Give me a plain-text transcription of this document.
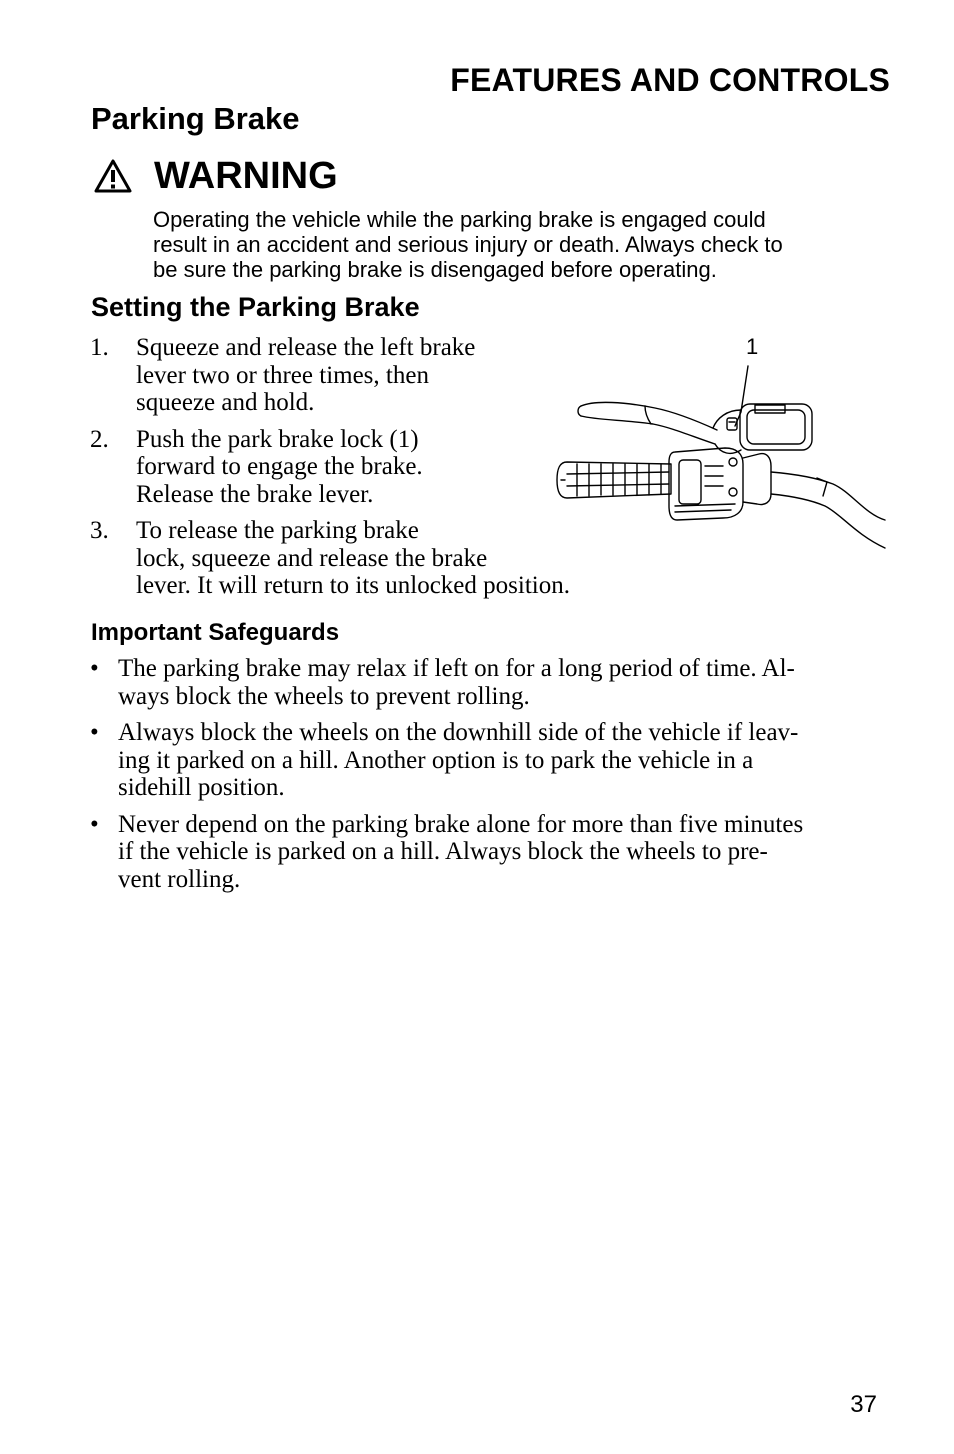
FEATURES AND CONTROLS
Parking Brake
WARNING
Operating the vehicle while the parking brake is engaged could
result in an accident and serious injury or death. Always check to
be sure the parking brake is disengaged before operating.
Setting the Parking Brake
1. Squeeze and release the left brake
lever two or three times, then
squeeze and hold.
2. Push the park brake lock (1)
forward to engage the brake.
Release the brake lever.
3. To release the parking brake
lock, squeeze and release the brake
lever. It will return to its unlocked position.
1
Important Safeguards
• The parking brake may relax if left on for a long period of time. Al-
ways block the wheels to prevent rolling.
• Always block the wheels on the downhill side of the vehicle if leav-
ing it parked on a hill. Another option is to park the vehicle in a
sidehill position.
• Never depend on the parking brake alone for more than five minutes
if the vehicle is parked on a hill. Always block the wheels to pre-
vent rolling.
37
